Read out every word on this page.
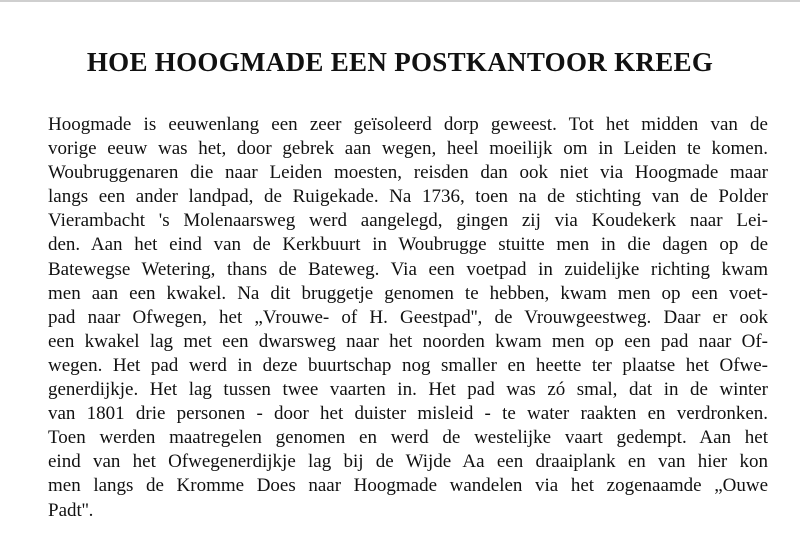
HOE HOOGMADE EEN POSTKANTOOR KREEG
Hoogmade is eeuwenlang een zeer geïsoleerd dorp geweest. Tot het midden van de
vorige eeuw was het, door gebrek aan wegen, heel moeilijk om in Leiden te komen.
Woubruggenaren die naar Leiden moesten, reisden dan ook niet via Hoogmade maar
langs een ander landpad, de Ruigekade. Na 1736, toen na de stichting van de Polder
Vierambacht 's Molenaarsweg werd aangelegd, gingen zij via Koudekerk naar Lei-
den. Aan het eind van de Kerkbuurt in Woubrugge stuitte men in die dagen op de
Batewegse Wetering, thans de Bateweg. Via een voetpad in zuidelijke richting kwam
men aan een kwakel. Na dit bruggetje genomen te hebben, kwam men op een voet-
pad naar Ofwegen, het „Vrouwe- of H. Geestpad'', de Vrouwgeestweg. Daar er ook
een kwakel lag met een dwarsweg naar het noorden kwam men op een pad naar Of-
wegen. Het pad werd in deze buurtschap nog smaller en heette ter plaatse het Ofwe-
generdijkje. Het lag tussen twee vaarten in. Het pad was zó smal, dat in de winter
van 1801 drie personen - door het duister misleid - te water raakten en verdronken.
Toen werden maatregelen genomen en werd de westelijke vaart gedempt. Aan het
eind van het Ofwegenerdijkje lag bij de Wijde Aa een draaiplank en van hier kon
men langs de Kromme Does naar Hoogmade wandelen via het zogenaamde „Ouwe
Padt''.
